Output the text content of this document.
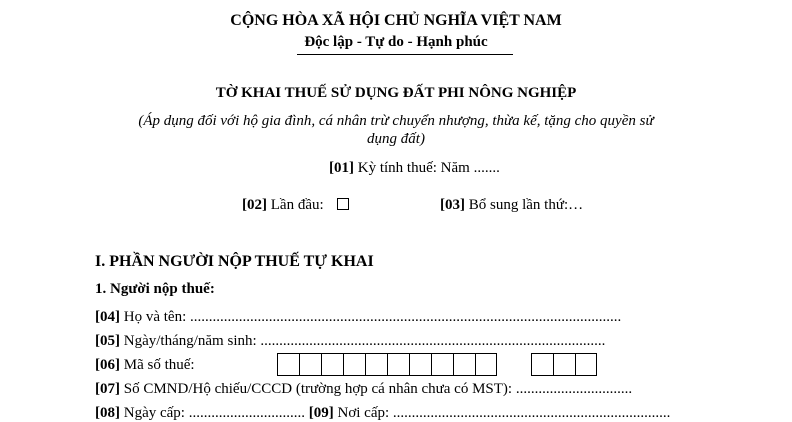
CỘNG HÒA XÃ HỘI CHỦ NGHĨA VIỆT NAM
Độc lập - Tự do - Hạnh phúc
TỜ KHAI THUẾ SỬ DỤNG ĐẤT PHI NÔNG NGHIỆP
(Áp dụng đối với hộ gia đình, cá nhân trừ chuyển nhượng, thừa kế, tặng cho quyền sử
dụng đất)
[01] Kỳ tính thuế: Năm .......
[02] Lần đầu:	[03] Bổ sung lần thứ:…
I. PHẦN NGƯỜI NỘP THUẾ TỰ KHAI
1. Người nộp thuế:
[04] Họ và tên: ...................................................................................................................
[05] Ngày/tháng/năm sinh: ............................................................................................
[06] Mã số thuế:
[07] Số CMND/Hộ chiếu/CCCD (trường hợp cá nhân chưa có MST): ...............................
[08] Ngày cấp: ............................... [09] Nơi cấp: ..........................................................................
